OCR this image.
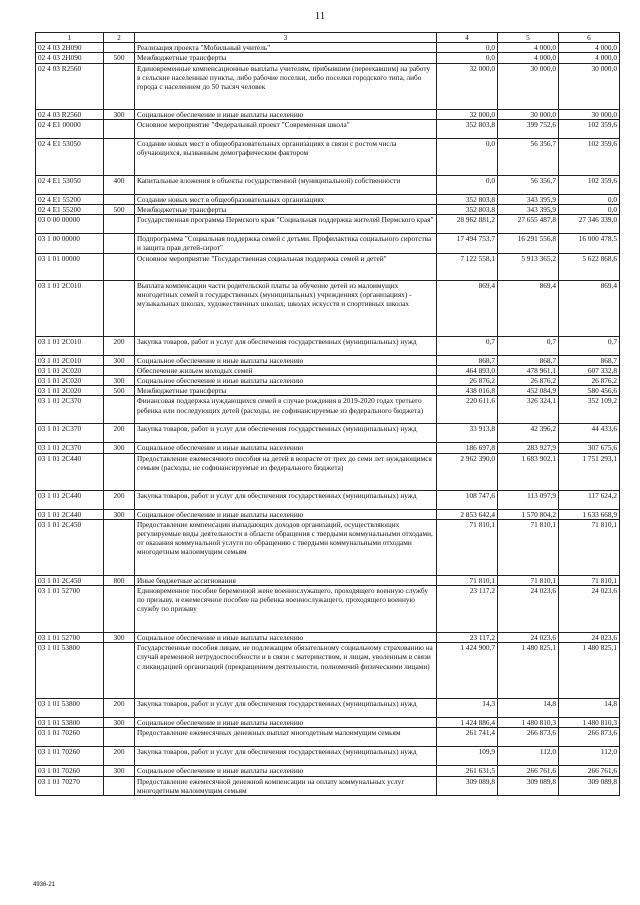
11
1	2	3	4	5	6
02 4 03 2Н090		Реализация проекта "Мобильный учитель"	0,0	4 000,0	4 000,0
02 4 03 2Н090	500	Межбюджетные трансферты	0,0	4 000,0	4 000,0
02 4 03 R2560		Единовременные компенсационные выплаты учителям, прибывшим (переехавшим) на работу в сельские населенные пункты, либо рабочие поселки, либо поселки городского типа, либо города с населением до 50 тысяч человек	32 000,0	30 000,0	30 000,0
02 4 03 R2560	300	Социальное обеспечение и иные выплаты населению	32 000,0	30 000,0	30 000,0
02 4 Е1 00000		Основное мероприятие "Федеральный проект "Современная школа"	352 803,8	399 752,6	102 359,6
02 4 Е1 53050		Создание новых мест в общеобразовательных организациях в связи с ростом числа обучающихся, вызванным демографическим фактором	0,0	56 356,7	102 359,6
02 4 Е1 53050	400	Капитальные вложения в объекты государственной (муниципальной) собственности	0,0	56 356,7	102 359,6
02 4 Е1 55200		Создание новых мест в общеобразовательных организациях	352 803,8	343 395,9	0,0
02 4 Е1 55200	500	Межбюджетные трансферты	352 803,8	343 395,9	0,0
03 0 00 00000		Государственная программа Пермского края "Социальная поддержка жителей Пермского края"	28 962 881,2	27 655 487,8	27 346 339,0
03 1 00 00000		Подпрограмма "Социальная поддержка семей с детьми. Профилактика социального сиротства и защита прав детей-сирот"	17 494 753,7	16 291 556,8	16 000 478,5
03 1 01 00000		Основное мероприятие "Государственная социальная поддержка семей и детей"	7 122 558,1	5 913 365,2	5 622 868,6
03 1 01 2С010		Выплата компенсации части родительской платы за обучение детей из малоимущих многодетных семей в государственных (муниципальных) учреждениях (организациях) - музыкальных школах, художественных школах, школах искусств и спортивных школах	869,4	869,4	869,4
03 1 01 2С010	200	Закупка товаров, работ и услуг для обеспечения государственных (муниципальных) нужд	0,7	0,7	0,7
03 1 01 2С010	300	Социальное обеспечение и иные выплаты населению	868,7	868,7	868,7
03 1 01 2С020		Обеспечение жильем молодых семей	464 893,0	478 961,1	607 332,8
03 1 01 2С020	300	Социальное обеспечение и иные выплаты населению	26 876,2	26 876,2	26 876,2
03 1 01 2С020	500	Межбюджетные трансферты	438 016,8	452 084,9	580 456,6
03 1 01 2С370		Финансовая поддержка нуждающихся семей в случае рождения в 2019-2020 годах третьего ребенка или последующих детей (расходы, не софинансируемые из федерального бюджета)	220 611,6	326 324,1	352 109,2
03 1 01 2С370	200	Закупка товаров, работ и услуг для обеспечения государственных (муниципальных) нужд	33 913,8	42 396,2	44 433,6
03 1 01 2С370	300	Социальное обеспечение и иные выплаты населению	186 697,8	283 927,9	307 675,6
03 1 01 2С440		Предоставление ежемесячного пособия на детей в возрасте от трех до семи лет нуждающимся семьям (расходы, не софинансируемые из федерального бюджета)	2 962 390,0	1 683 902,1	1 751 293,1
03 1 01 2С440	200	Закупка товаров, работ и услуг для обеспечения государственных (муниципальных) нужд	108 747,6	113 097,9	117 624,2
03 1 01 2С440	300	Социальное обеспечение и иные выплаты населению	2 853 642,4	1 570 804,2	1 633 668,9
03 1 01 2С450		Предоставление компенсации выпадающих доходов организаций, осуществляющих регулируемые виды деятельности в области обращения с твердыми коммунальными отходами, от оказания коммунальной услуги по обращению с твердыми коммунальными отходами многодетным малоимущим семьям	71 810,1	71 810,1	71 810,1
03 1 01 2С450	800	Иные бюджетные ассигнования	71 810,1	71 810,1	71 810,1
03 1 01 52700		Единовременное пособие беременной жене военнослужащего, проходящего военную службу по призыву, и ежемесячное пособие на ребенка военнослужащего, проходящего военную службу по призыву	23 117,2	24 023,6	24 023,6
03 1 01 52700	300	Социальное обеспечение и иные выплаты населению	23 117,2	24 023,6	24 023,6
03 1 01 53800		Государственные пособия лицам, не подлежащим обязательному социальному страхованию на случай временной нетрудоспособности и в связи с материнством, и лицам, уволенным в связи с ликвидацией организаций (прекращением деятельности, полномочий физическими лицами)	1 424 900,7	1 480 825,1	1 480 825,1
03 1 01 53800	200	Закупка товаров, работ и услуг для обеспечения государственных (муниципальных) нужд	14,3	14,8	14,8
03 1 01 53800	300	Социальное обеспечение и иные выплаты населению	1 424 886,4	1 480 810,3	1 480 810,3
03 1 01 70260		Предоставление ежемесячных денежных выплат многодетным малоимущим семьям	261 741,4	266 873,6	266 873,6
03 1 01 70260	200	Закупка товаров, работ и услуг для обеспечения государственных (муниципальных) нужд	109,9	112,0	112,0
03 1 01 70260	300	Социальное обеспечение и иные выплаты населению	261 631,5	266 761,6	266 761,6
03 1 01 70270		Предоставление ежемесячной денежной компенсации на оплату коммунальных услуг многодетным малоимущим семьям	309 089,8	309 089,8	309 089,8
4936-21
